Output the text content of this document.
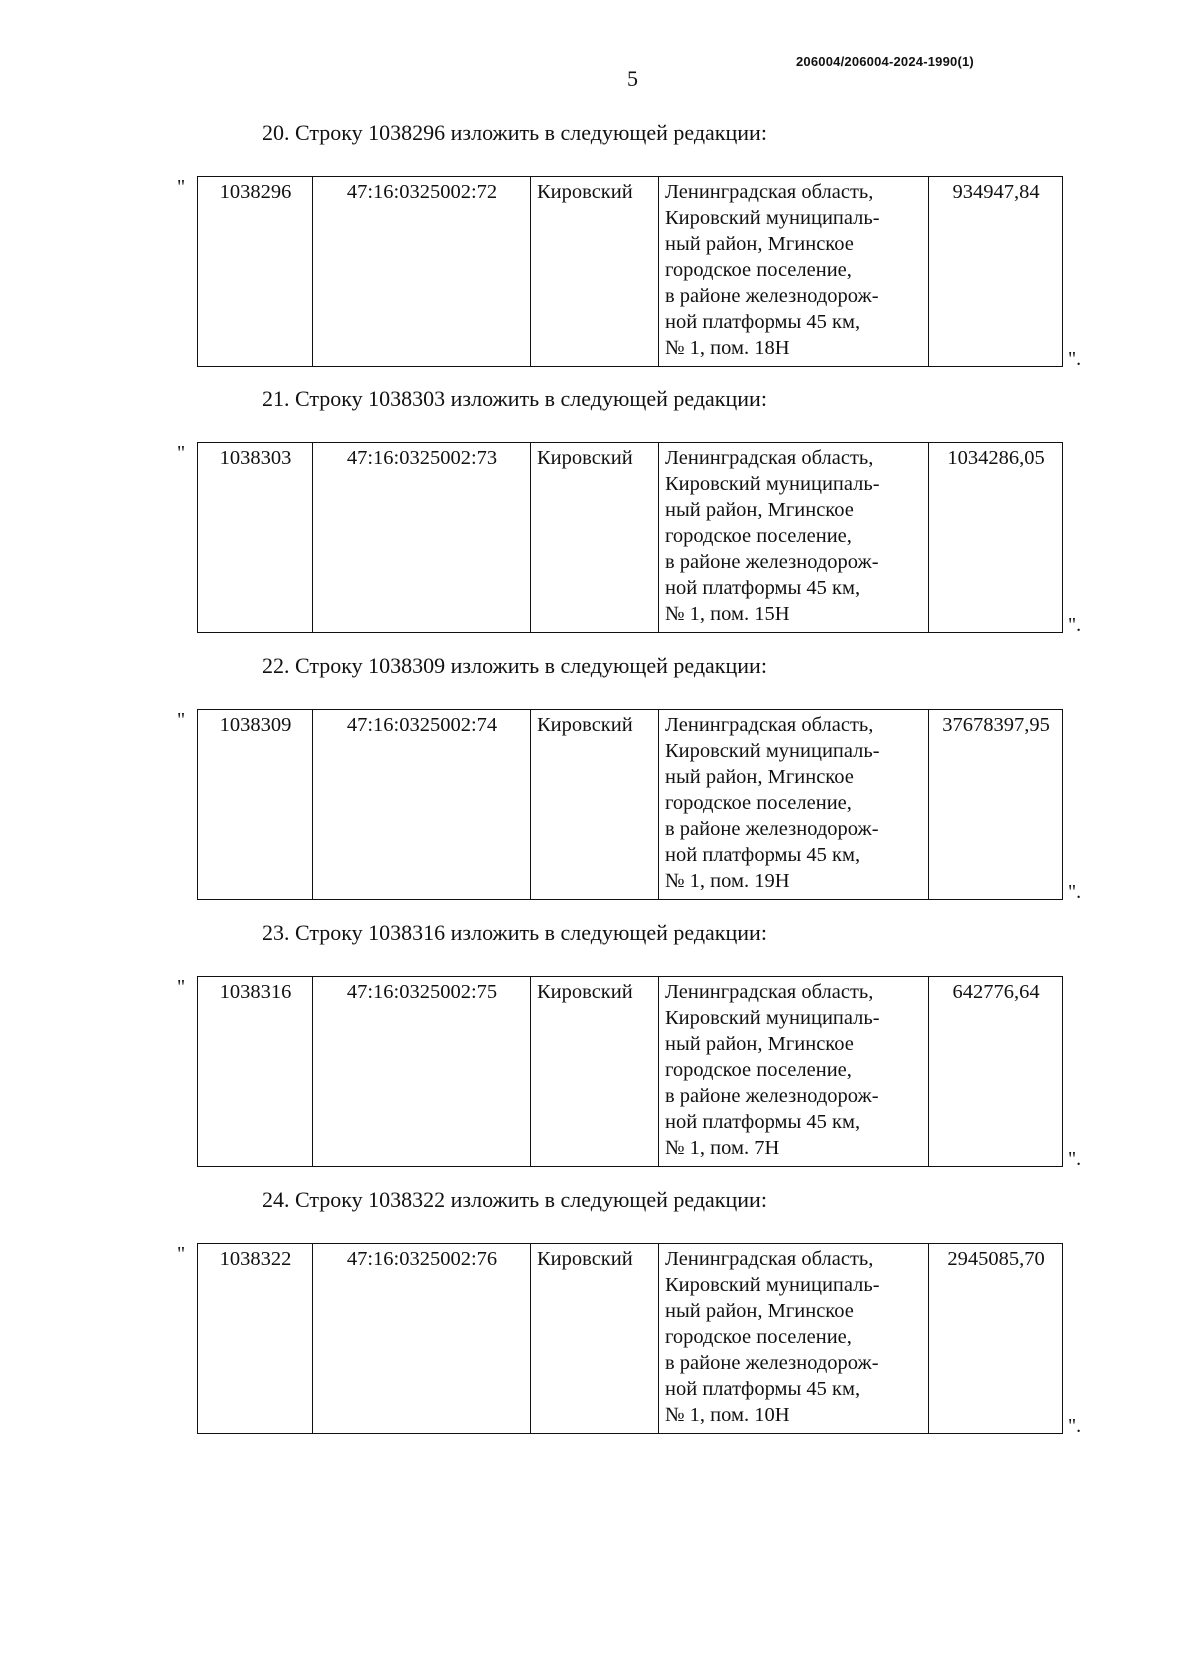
206004/206004-2024-1990(1)
5
20. Строку 1038296 изложить в следующей редакции:
" 1038296	47:16:0325002:72	Кировский	Ленинградская область,
Кировский муниципаль-
ный район, Мгинское
городское поселение,
в районе железнодорож-
ной платформы 45 км,
№ 1, пом. 18Н
	934947,84
".
21. Строку 1038303 изложить в следующей редакции:
" 1038303	47:16:0325002:73	Кировский	Ленинградская область,
Кировский муниципаль-
ный район, Мгинское
городское поселение,
в районе железнодорож-
ной платформы 45 км,
№ 1, пом. 15Н
	1034286,05
".
22. Строку 1038309 изложить в следующей редакции:
" 1038309	47:16:0325002:74	Кировский	Ленинградская область,
Кировский муниципаль-
ный район, Мгинское
городское поселение,
в районе железнодорож-
ной платформы 45 км,
№ 1, пом. 19Н
	37678397,95
".
23. Строку 1038316 изложить в следующей редакции:
" 1038316	47:16:0325002:75	Кировский	Ленинградская область,
Кировский муниципаль-
ный район, Мгинское
городское поселение,
в районе железнодорож-
ной платформы 45 км,
№ 1, пом. 7Н
	642776,64
".
24. Строку 1038322 изложить в следующей редакции:
" 1038322	47:16:0325002:76	Кировский	Ленинградская область,
Кировский муниципаль-
ный район, Мгинское
городское поселение,
в районе железнодорож-
ной платформы 45 км,
№ 1, пом. 10Н
	2945085,70
".
